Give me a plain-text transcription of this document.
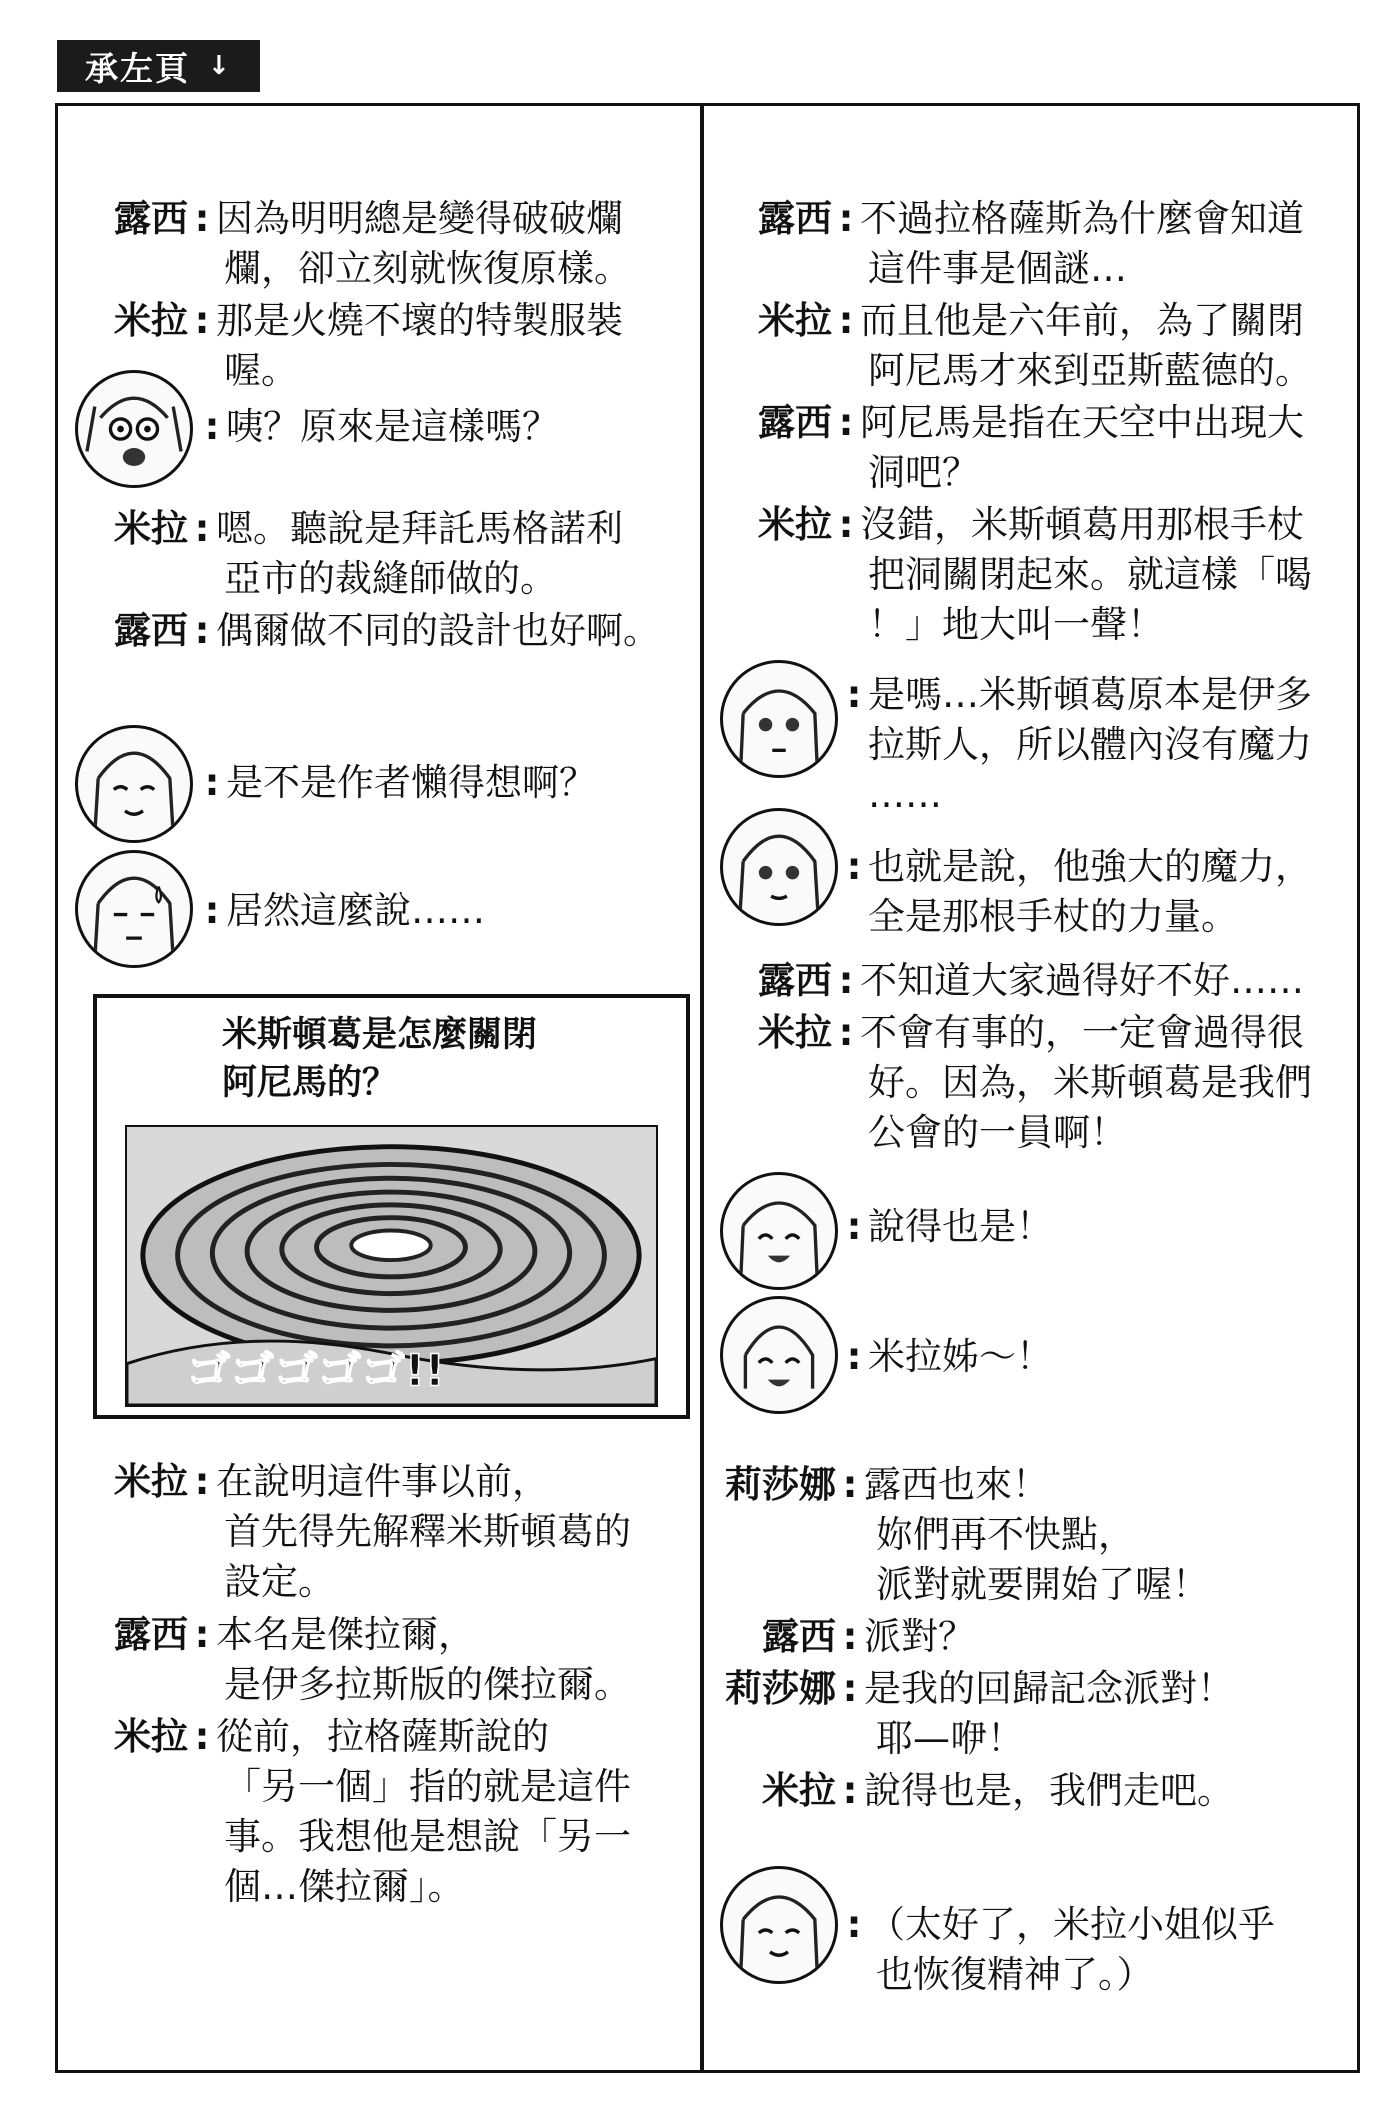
承左頁 ↓
露西 : 因為明明總是變得破破爛
爛，卻立刻就恢復原樣。
米拉 : 那是火燒不壞的特製服裝
喔。
: 咦？原來是這樣嗎？
米拉 : 嗯。聽說是拜託馬格諾利
亞市的裁縫師做的。
露西 : 偶爾做不同的設計也好啊。
: 是不是作者懶得想啊？
: 居然這麼說……
米斯頓葛是怎麼關閉
阿尼馬的？
ゴゴゴゴゴ!!
米拉 : 在說明這件事以前，
首先得先解釋米斯頓葛的
設定。
露西 : 本名是傑拉爾，
是伊多拉斯版的傑拉爾。
米拉 : 從前，拉格薩斯說的
「另一個」指的就是這件
事。我想他是想說「另一
個…傑拉爾」。
露西 : 不過拉格薩斯為什麼會知道
這件事是個謎…
米拉 : 而且他是六年前，為了關閉
阿尼馬才來到亞斯藍德的。
露西 : 阿尼馬是指在天空中出現大
洞吧？
米拉 : 沒錯，米斯頓葛用那根手杖
把洞關閉起來。就這樣「喝
！」地大叫一聲！
: 是嗎…米斯頓葛原本是伊多
拉斯人，所以體內沒有魔力
……
: 也就是說，他強大的魔力，
全是那根手杖的力量。
露西 : 不知道大家過得好不好……
米拉 : 不會有事的，一定會過得很
好。因為，米斯頓葛是我們
公會的一員啊！
: 說得也是！
: 米拉姊～！
莉莎娜 : 露西也來！
妳們再不快點，
派對就要開始了喔！
露西 : 派對？
莉莎娜 : 是我的回歸記念派對！
耶—咿！
米拉 : 說得也是，我們走吧。
: （太好了，米拉小姐似乎
也恢復精神了。）
